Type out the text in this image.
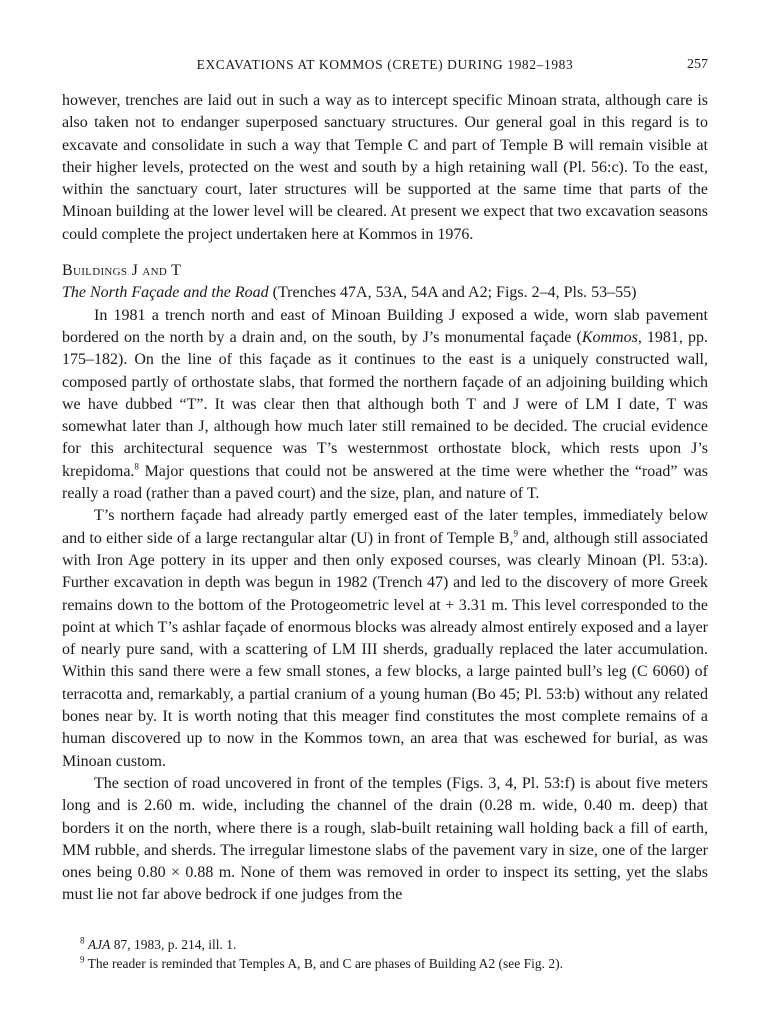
EXCAVATIONS AT KOMMOS (CRETE) DURING 1982–1983	257

however, trenches are laid out in such a way as to intercept specific Minoan strata, although care is also taken not to endanger superposed sanctuary structures. Our general goal in this regard is to excavate and consolidate in such a way that Temple C and part of Temple B will remain visible at their higher levels, protected on the west and south by a high retaining wall (Pl. 56:c). To the east, within the sanctuary court, later structures will be supported at the same time that parts of the Minoan building at the lower level will be cleared. At present we expect that two excavation seasons could complete the project undertaken here at Kommos in 1976.

Buildings J and T

The North Façade and the Road (Trenches 47A, 53A, 54A and A2; Figs. 2–4, Pls. 53–55)

In 1981 a trench north and east of Minoan Building J exposed a wide, worn slab pavement bordered on the north by a drain and, on the south, by J’s monumental façade (Kommos, 1981, pp. 175–182). On the line of this façade as it continues to the east is a uniquely constructed wall, composed partly of orthostate slabs, that formed the northern façade of an adjoining building which we have dubbed “T”. It was clear then that although both T and J were of LM I date, T was somewhat later than J, although how much later still remained to be decided. The crucial evidence for this architectural sequence was T’s westernmost orthostate block, which rests upon J’s krepidoma.$^8$ Major questions that could not be answered at the time were whether the “road” was really a road (rather than a paved court) and the size, plan, and nature of T.

T’s northern façade had already partly emerged east of the later temples, immediately below and to either side of a large rectangular altar (U) in front of Temple B,$^9$ and, although still associated with Iron Age pottery in its upper and then only exposed courses, was clearly Minoan (Pl. 53:a). Further excavation in depth was begun in 1982 (Trench 47) and led to the discovery of more Greek remains down to the bottom of the Protogeometric level at + 3.31 m. This level corresponded to the point at which T’s ashlar façade of enormous blocks was already almost entirely exposed and a layer of nearly pure sand, with a scattering of LM III sherds, gradually replaced the later accumulation. Within this sand there were a few small stones, a few blocks, a large painted bull’s leg (C 6060) of terracotta and, remarkably, a partial cranium of a young human (Bo 45; Pl. 53:b) without any related bones near by. It is worth noting that this meager find constitutes the most complete remains of a human discovered up to now in the Kommos town, an area that was eschewed for burial, as was Minoan custom.

The section of road uncovered in front of the temples (Figs. 3, 4, Pl. 53:f) is about five meters long and is 2.60 m. wide, including the channel of the drain (0.28 m. wide, 0.40 m. deep) that borders it on the north, where there is a rough, slab-built retaining wall holding back a fill of earth, MM rubble, and sherds. The irregular limestone slabs of the pavement vary in size, one of the larger ones being 0.80 × 0.88 m. None of them was removed in order to inspect its setting, yet the slabs must lie not far above bedrock if one judges from the

$^8$ AJA 87, 1983, p. 214, ill. 1.
$^9$ The reader is reminded that Temples A, B, and C are phases of Building A2 (see Fig. 2).
